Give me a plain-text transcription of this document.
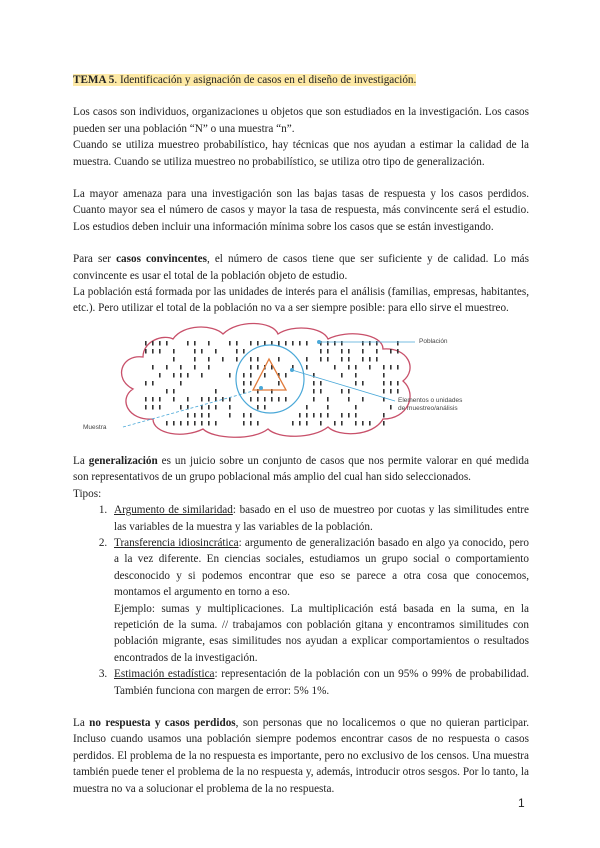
TEMA 5. Identificación y asignación de casos en el diseño de investigación.

Los casos son individuos, organizaciones u objetos que son estudiados en la investigación. Los casos pueden ser una población “N” o una muestra “n”.

Cuando se utiliza muestreo probabilístico, hay técnicas que nos ayudan a estimar la calidad de la muestra. Cuando se utiliza muestreo no probabilístico, se utiliza otro tipo de generalización.

La mayor amenaza para una investigación son las bajas tasas de respuesta y los casos perdidos. Cuanto mayor sea el número de casos y mayor la tasa de respuesta, más convincente será el estudio. Los estudios deben incluir una información mínima sobre los casos que se están investigando.

Para ser casos convincentes, el número de casos tiene que ser suficiente y de calidad. Lo más convincente es usar el total de la población objeto de estudio.

La población está formada por las unidades de interés para el análisis (familias, empresas, habitantes, etc.). Pero utilizar el total de la población no va a ser siempre posible: para ello sirve el muestreo.

Población
Elementos o unidades
de muestreo/análisis
Muestra

La generalización es un juicio sobre un conjunto de casos que nos permite valorar en qué medida son representativos de un grupo poblacional más amplio del cual han sido seleccionados.

Tipos:

1. Argumento de similaridad: basado en el uso de muestreo por cuotas y las similitudes entre las variables de la muestra y las variables de la población.
2. Transferencia idiosincrática: argumento de generalización basado en algo ya conocido, pero a la vez diferente. En ciencias sociales, estudiamos un grupo social o comportamiento desconocido y si podemos encontrar que eso se parece a otra cosa que conocemos, montamos el argumento en torno a eso.
Ejemplo: sumas y multiplicaciones. La multiplicación está basada en la suma, en la repetición de la suma. // trabajamos con población gitana y encontramos similitudes con población migrante, esas similitudes nos ayudan a explicar comportamientos o resultados encontrados de la investigación.
3. Estimación estadística: representación de la población con un 95% o 99% de probabilidad. También funciona con margen de error: 5% 1%.

La no respuesta y casos perdidos, son personas que no localicemos o que no quieran participar. Incluso cuando usamos una población siempre podemos encontrar casos de no respuesta o casos perdidos. El problema de la no respuesta es importante, pero no exclusivo de los censos. Una muestra también puede tener el problema de la no respuesta y, además, introducir otros sesgos. Por lo tanto, la muestra no va a solucionar el problema de la no respuesta.

1
